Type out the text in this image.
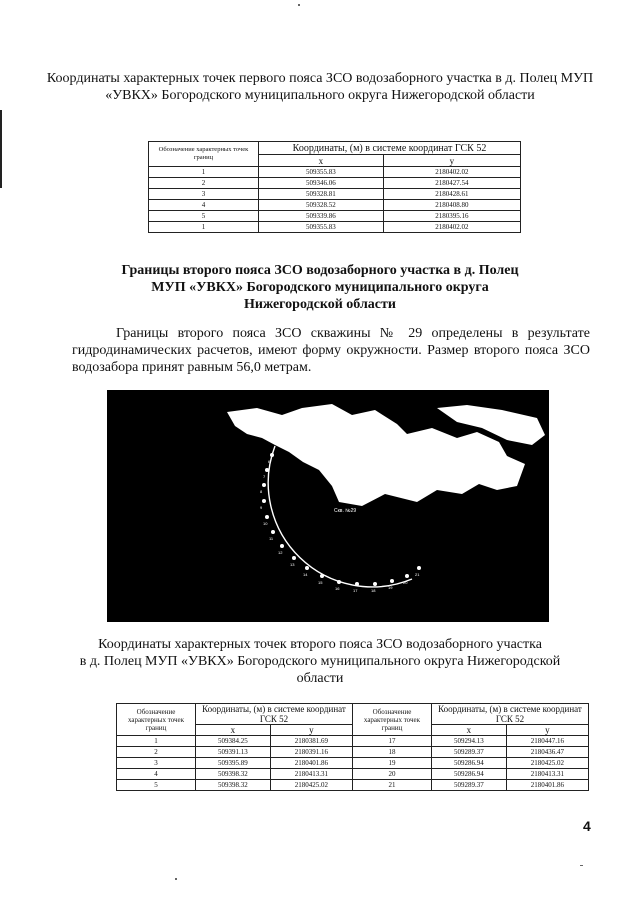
Координаты характерных точек первого пояса ЗСО водозаборного участка в д. Полец МУП «УВКХ» Богородского муниципального округа Нижегородской области
Обозначение характерных точек границ	Координаты, (м) в системе координат ГСК 52	
	x	y
1	509355.83	2180402.02
2	509346.06	2180427.54
3	509328.81	2180428.61
4	509328.52	2180408.80
5	509339.86	2180395.16
1	509355.83	2180402.02
Границы второго пояса ЗСО водозаборного участка в д. Полец
МУП «УВКХ» Богородского муниципального округа
Нижегородской области
Границы второго пояса ЗСО скважины № 29 определены в результате гидродинамических расчетов, имеют форму окружности. Размер второго пояса ЗСО водозабора принят равным 56,0 метрам.
Скв. №29
6
7
8
9
10
11
12
13
14
15
16	17	18
19
20
21
Координаты характерных точек второго пояса ЗСО водозаборного участка
в д. Полец МУП «УВКХ» Богородского муниципального округа Нижегородской
области
Обозначение характерных точек границ	Координаты, (м) в системе координат ГСК 52		Обозначение характерных точек границ	Координаты, (м) в системе координат ГСК 52	
	x	y		x	y
1	509384.25	2180381.69	17	509294.13	2180447.16
2	509391.13	2180391.16	18	509289.37	2180436.47
3	509395.89	2180401.86	19	509286.94	2180425.02
4	509398.32	2180413.31	20	509286.94	2180413.31
5	509398.32	2180425.02	21	509289.37	2180401.86
4
